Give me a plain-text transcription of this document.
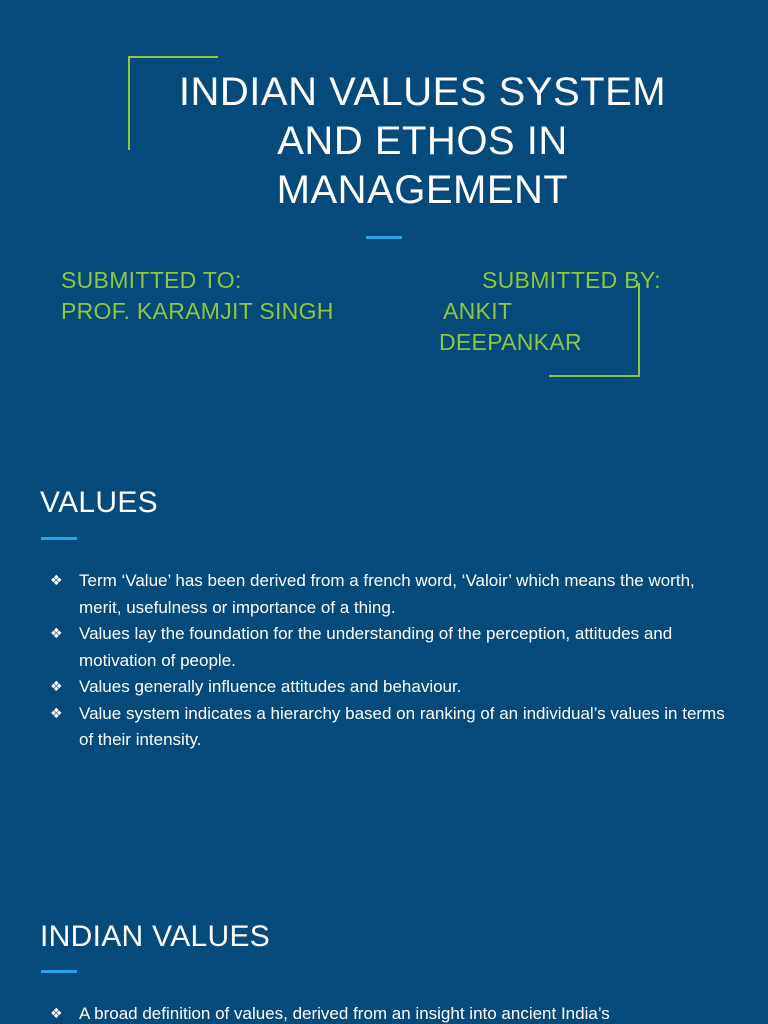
INDIAN VALUES SYSTEM AND ETHOS IN MANAGEMENT
SUBMITTED TO:
PROF. KARAMJIT SINGH
SUBMITTED BY:
ANKIT
DEEPANKAR
VALUES
❖ Term ‘Value’ has been derived from a french word, ‘Valoir’ which means the worth, merit, usefulness or importance of a thing.
❖ Values lay the foundation for the understanding of the perception, attitudes and motivation of people.
❖ Values generally influence attitudes and behaviour.
❖ Value system indicates a hierarchy based on ranking of an individual’s values in terms of their intensity.
INDIAN VALUES
❖ A broad definition of values, derived from an insight into ancient India’s
